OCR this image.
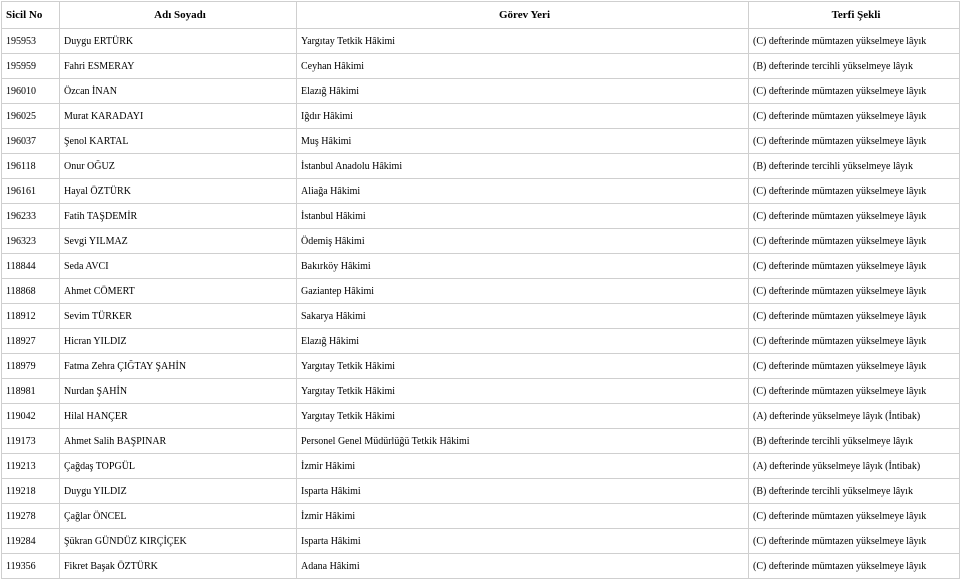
Sicil No	Adı Soyadı	Görev Yeri	Terfi Şekli
195953	Duygu ERTÜRK	Yargıtay Tetkik Hâkimi	(C) defterinde mümtazen yükselmeye lâyık
195959	Fahri ESMERAY	Ceyhan Hâkimi	(B) defterinde tercihli yükselmeye lâyık
196010	Özcan İNAN	Elazığ Hâkimi	(C) defterinde mümtazen yükselmeye lâyık
196025	Murat KARADAYI	Iğdır Hâkimi	(C) defterinde mümtazen yükselmeye lâyık
196037	Şenol KARTAL	Muş Hâkimi	(C) defterinde mümtazen yükselmeye lâyık
196118	Onur OĞUZ	İstanbul Anadolu Hâkimi	(B) defterinde tercihli yükselmeye lâyık
196161	Hayal ÖZTÜRK	Aliağa Hâkimi	(C) defterinde mümtazen yükselmeye lâyık
196233	Fatih TAŞDEMİR	İstanbul Hâkimi	(C) defterinde mümtazen yükselmeye lâyık
196323	Sevgi YILMAZ	Ödemiş Hâkimi	(C) defterinde mümtazen yükselmeye lâyık
118844	Seda AVCI	Bakırköy Hâkimi	(C) defterinde mümtazen yükselmeye lâyık
118868	Ahmet CÖMERT	Gaziantep Hâkimi	(C) defterinde mümtazen yükselmeye lâyık
118912	Sevim TÜRKER	Sakarya Hâkimi	(C) defterinde mümtazen yükselmeye lâyık
118927	Hicran YILDIZ	Elazığ Hâkimi	(C) defterinde mümtazen yükselmeye lâyık
118979	Fatma Zehra ÇIĞTAY ŞAHİN	Yargıtay Tetkik Hâkimi	(C) defterinde mümtazen yükselmeye lâyık
118981	Nurdan ŞAHİN	Yargıtay Tetkik Hâkimi	(C) defterinde mümtazen yükselmeye lâyık
119042	Hilal HANÇER	Yargıtay Tetkik Hâkimi	(A) defterinde yükselmeye lâyık (İntibak)
119173	Ahmet Salih BAŞPINAR	Personel Genel Müdürlüğü Tetkik Hâkimi	(B) defterinde tercihli yükselmeye lâyık
119213	Çağdaş TOPGÜL	İzmir Hâkimi	(A) defterinde yükselmeye lâyık (İntibak)
119218	Duygu YILDIZ	Isparta Hâkimi	(B) defterinde tercihli yükselmeye lâyık
119278	Çağlar ÖNCEL	İzmir Hâkimi	(C) defterinde mümtazen yükselmeye lâyık
119284	Şükran GÜNDÜZ KIRÇİÇEK	Isparta Hâkimi	(C) defterinde mümtazen yükselmeye lâyık
119356	Fikret Başak ÖZTÜRK	Adana Hâkimi	(C) defterinde mümtazen yükselmeye lâyık
